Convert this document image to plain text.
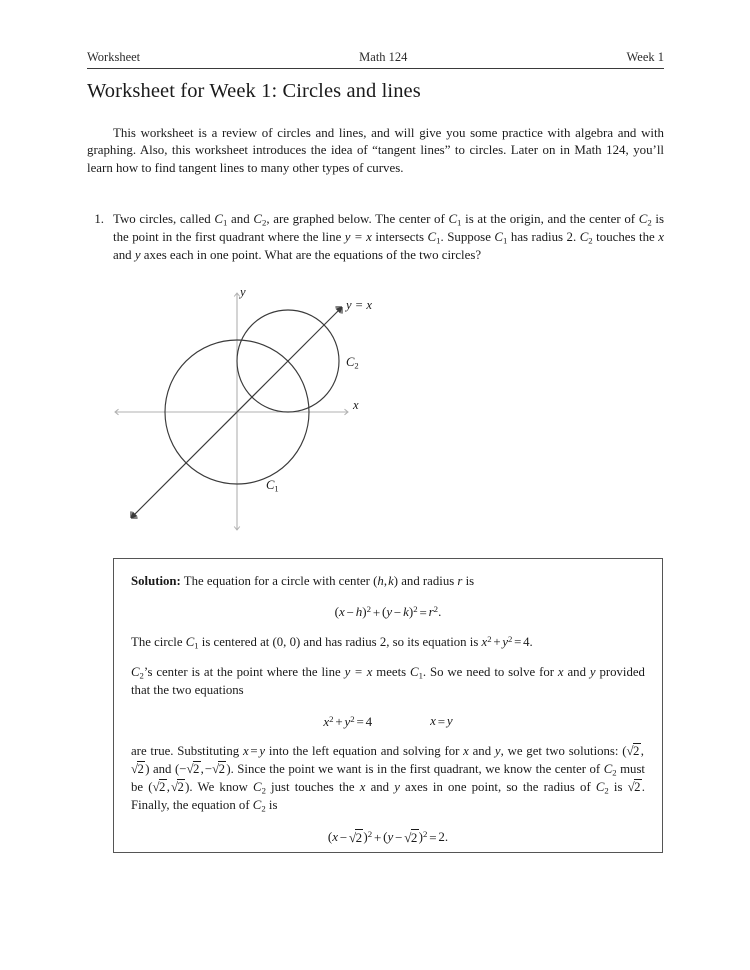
Worksheet	Math 124	Week 1
Worksheet for Week 1: Circles and lines
This worksheet is a review of circles and lines, and will give you some practice with algebra and with graphing. Also, this worksheet introduces the idea of “tangent lines” to circles. Later on in Math 124, you’ll learn how to find tangent lines to many other types of curves.
1. Two circles, called $C_1$ and $C_2$, are graphed below. The center of $C_1$ is at the origin, and the center of $C_2$ is the point in the first quadrant where the line y = x intersects $C_1$. Suppose $C_1$ has radius 2. $C_2$ touches the x and y axes each in one point. What are the equations of the two circles?
y
x
y = x
$C_2$
$C_1$

Solution: The equation for a circle with center (h, k) and radius r is

$(x - h)^2 + (y - k)^2 = r^2$.

The circle $C_1$ is centered at (0, 0) and has radius 2, so its equation is $x^2 + y^2 = 4$.

$C_2’s$ center is at the point where the line y = x meets $C_1$. So we need to solve for x and y provided that the two equations

$x^2 + y^2 = 4$	x = y

are true. Substituting x = y into the left equation and solving for x and y, we get two solutions: (√2, √2) and (−√2, −√2). Since the point we want is in the first quadrant, we know the center of $C_2$ must be (√2, √2). We know $C_2$ just touches the x and y axes in one point, so the radius of $C_2$ is √2. Finally, the equation of $C_2$ is

$(x - √2)^2 + (y - √2)^2 = 2$.
